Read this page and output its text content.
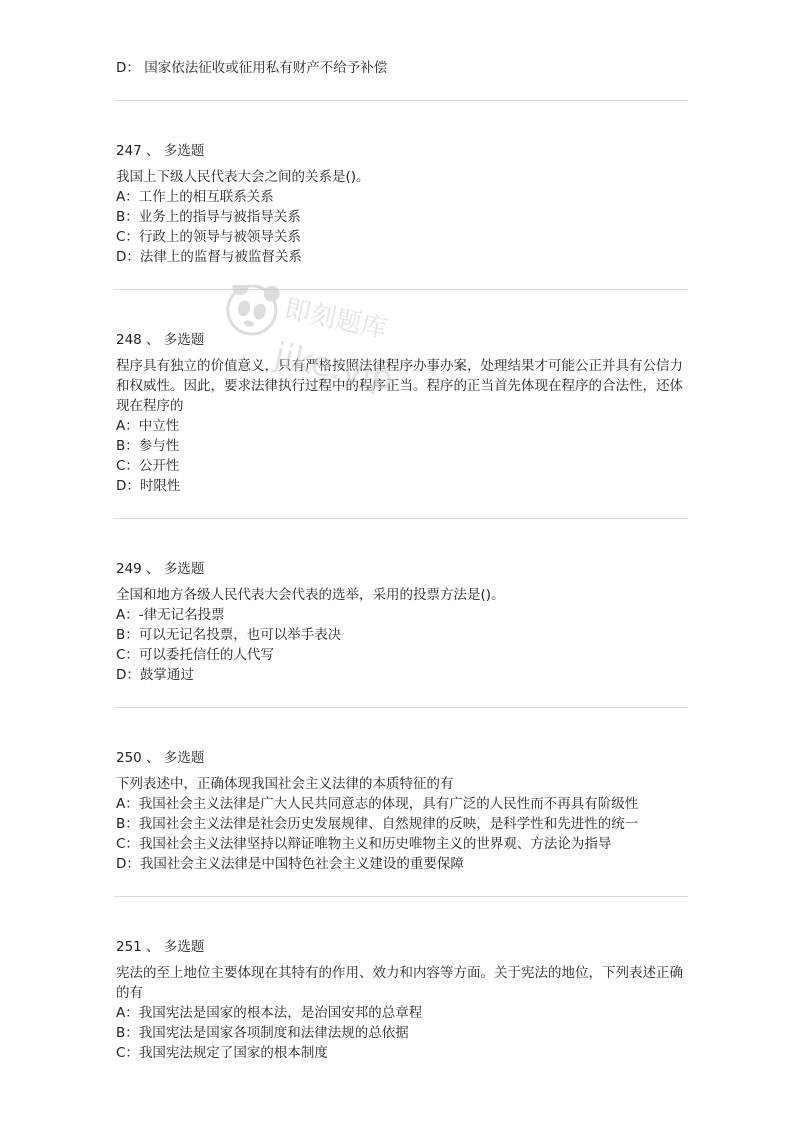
D： 国家依法征收或征用私有财产不给予补偿
247 、 多选题
我国上下级人民代表大会之间的关系是()。
A：工作上的相互联系关系
B：业务上的指导与被指导关系
C：行政上的领导与被领导关系
D：法律上的监督与被监督关系
248 、 多选题
程序具有独立的价值意义，只有严格按照法律程序办事办案，处理结果才可能公正并具有公信力和权威性。因此，要求法律执行过程中的程序正当。程序的正当首先体现在程序的合法性，还体现在程序的
A：中立性
B：参与性
C：公开性
D：时限性
249 、 多选题
全国和地方各级人民代表大会代表的选举，采用的投票方法是()。
A：-律无记名投票
B：可以无记名投票，也可以举手表决
C：可以委托信任的人代写
D：鼓掌通过
250 、 多选题
下列表述中，正确体现我国社会主义法律的本质特征的有
A：我国社会主义法律是广大人民共同意志的体现，具有广泛的人民性而不再具有阶级性
B：我国社会主义法律是社会历史发展规律、自然规律的反映，是科学性和先进性的统一
C：我国社会主义法律坚持以辩证唯物主义和历史唯物主义的世界观、方法论为指导
D：我国社会主义法律是中国特色社会主义建设的重要保障
251 、 多选题
宪法的至上地位主要体现在其特有的作用、效力和内容等方面。关于宪法的地位，下列表述正确的有
A：我国宪法是国家的根本法，是治国安邦的总章程
B：我国宪法是国家各项制度和法律法规的总依据
C：我国宪法规定了国家的根本制度
即刻题库
jike.vip
